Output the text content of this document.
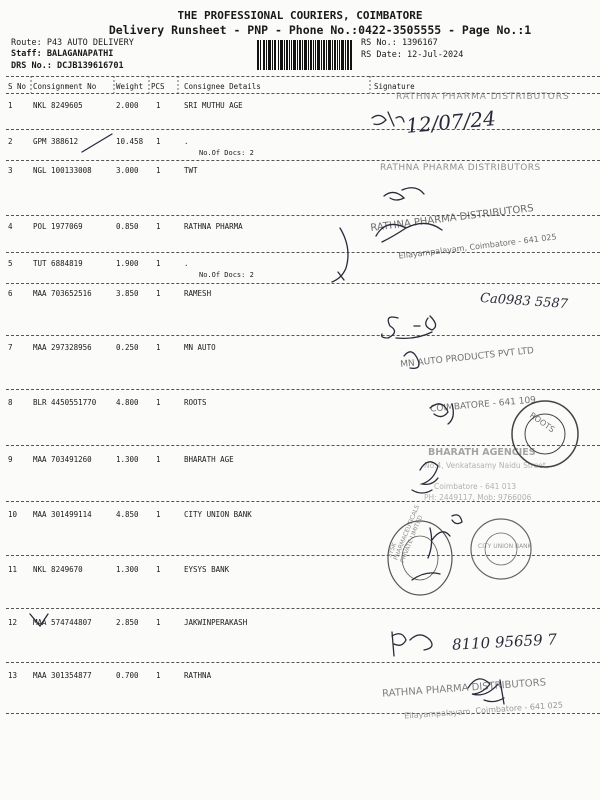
THE PROFESSIONAL COURIERS, COIMBATORE
Delivery Runsheet - PNP - Phone No.:0422-3505555 - Page No.:1
Route: P43 AUTO DELIVERY
Staff: BALAGANAPATHI
DRS No.: DCJB139616701
RS No.: 1396167
RS Date: 12-Jul-2024
S No Consignment No	Weight PCS	Consignee Details	Signature
1	NKL 8249605	2.000 1	SRI MUTHU AGE
2	GPM 388612	10.458 1	.
No.Of Docs: 2
3	NGL 100133008	3.000 1	TWT
4	POL 1977069	0.850 1	RATHNA PHARMA
5	TUT 6884819	1.900 1	.
No.Of Docs: 2
6	MAA 703652516	3.850 1	RAMESH
7	MAA 297328956	0.250 1	MN AUTO
8	BLR 4450551770	4.800 1	ROOTS
9	MAA 703491260	1.300 1	BHARATH AGE
10 MAA 301499114	4.850 1	CITY UNION BANK
11 NKL 8249670	1.300 1	EYSYS BANK
12 MAA 574744807	2.850 1	JAKWINPERAKASH
13 MAA 301354877	0.700 1	RATHNA
RATHNA PHARMA DISTRIBUTORS
RATHNA PHARMA DISTRIBUTORS
RATHNA PHARMA DISTRIBUTORS
Ellayampalayam, Coimbatore - 641 025
MN AUTO PRODUCTS PVT LTD
COIMBATORE - 641 109
ROOTS
BHARATH AGENCIES
No.4, Venkatasamy Naidu Street,
Coimbatore - 641 013
PH: 2449117, Mob: 9766006
RATHNA PHARMA DISTRIBUTORS
Ellayampalayam, Coimbatore - 641 025
SYSK PHARMACEUTICALS PRIVATE LIMITED	CITY UNION BANK
12/07/24
Ca0983 5587
8110 95659 7
